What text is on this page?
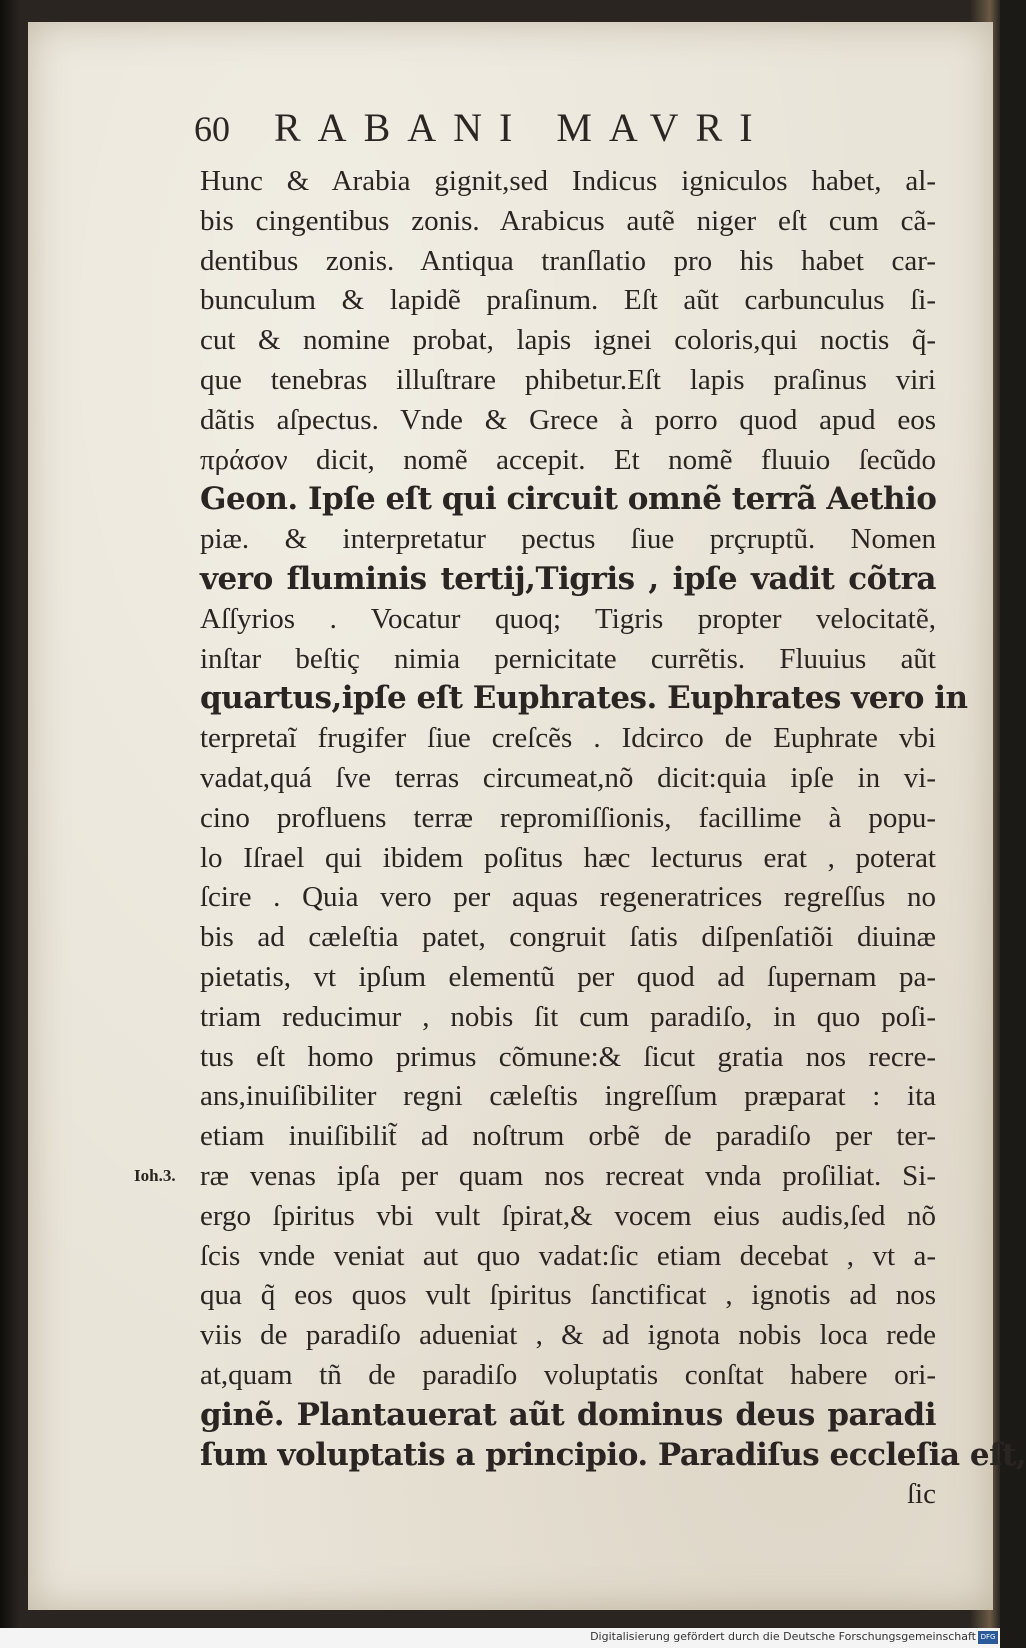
60 RABANI MAVRI
Hunc & Arabia gignit,sed Indicus igniculos habet, al-
bis cingentibus zonis. Arabicus autẽ niger eſt cum cã-
dentibus zonis. Antiqua tranſlatio pro his habet car-
bunculum & lapidẽ praſinum. Eſt aũt carbunculus ſi-
cut & nomine probat, lapis ignei coloris,qui noctis q̃-
que tenebras illuſtrare phibetur.Eſt lapis praſinus viri
dãtis aſpectus. Vnde & Grece à porro quod apud eos
πράσον dicit, nomẽ accepit. Et nomẽ fluuio ſecũdo
Geon. Ipſe eſt qui circuit omnẽ terrã Aethio
piæ. & interpretatur pectus ſiue prçruptũ. Nomen
vero fluminis tertij,Tigris , ipſe vadit cõtra
Aſſyrios . Vocatur quoq; Tigris propter velocitatẽ,
inſtar beſtiç nimia pernicitate currẽtis. Fluuius aũt
quartus,ipſe eſt Euphrates. Euphrates vero in
terpretaĩ frugifer ſiue creſcẽs . Idcirco de Euphrate vbi
vadat,quá ſve terras circumeat,nõ dicit:quia ipſe in vi-
cino profluens terræ repromiſſionis, facillime à popu-
lo Iſrael qui ibidem poſitus hæc lecturus erat , poterat
ſcire . Quia vero per aquas regeneratrices regreſſus no
bis ad cæleſtia patet, congruit ſatis diſpenſatiõi diuinæ
pietatis, vt ipſum elementũ per quod ad ſupernam pa-
triam reducimur , nobis ſit cum paradiſo, in quo poſi-
tus eſt homo primus cõmune:& ſicut gratia nos recre-
ans,inuiſibiliter regni cæleſtis ingreſſum præparat : ita
etiam inuiſibilit̃ ad noſtrum orbẽ de paradiſo per ter-
ræ venas ipſa per quam nos recreat vnda proſiliat. Si-
ergo ſpiritus vbi vult ſpirat,& vocem eius audis,ſed nõ
ſcis vnde veniat aut quo vadat:ſic etiam decebat , vt a-
qua q̃ eos quos vult ſpiritus ſanctificat , ignotis ad nos
viis de paradiſo adueniat , & ad ignota nobis loca rede
at,quam tñ de paradiſo voluptatis conſtat habere ori-
ginẽ. Plantauerat aũt dominus deus paradi
ſum voluptatis a principio. Paradiſus eccleſia eſt,
ſic
Ioh.3.
Digitalisierung gefördert durch die Deutsche Forschungsgemeinschaft DFG
